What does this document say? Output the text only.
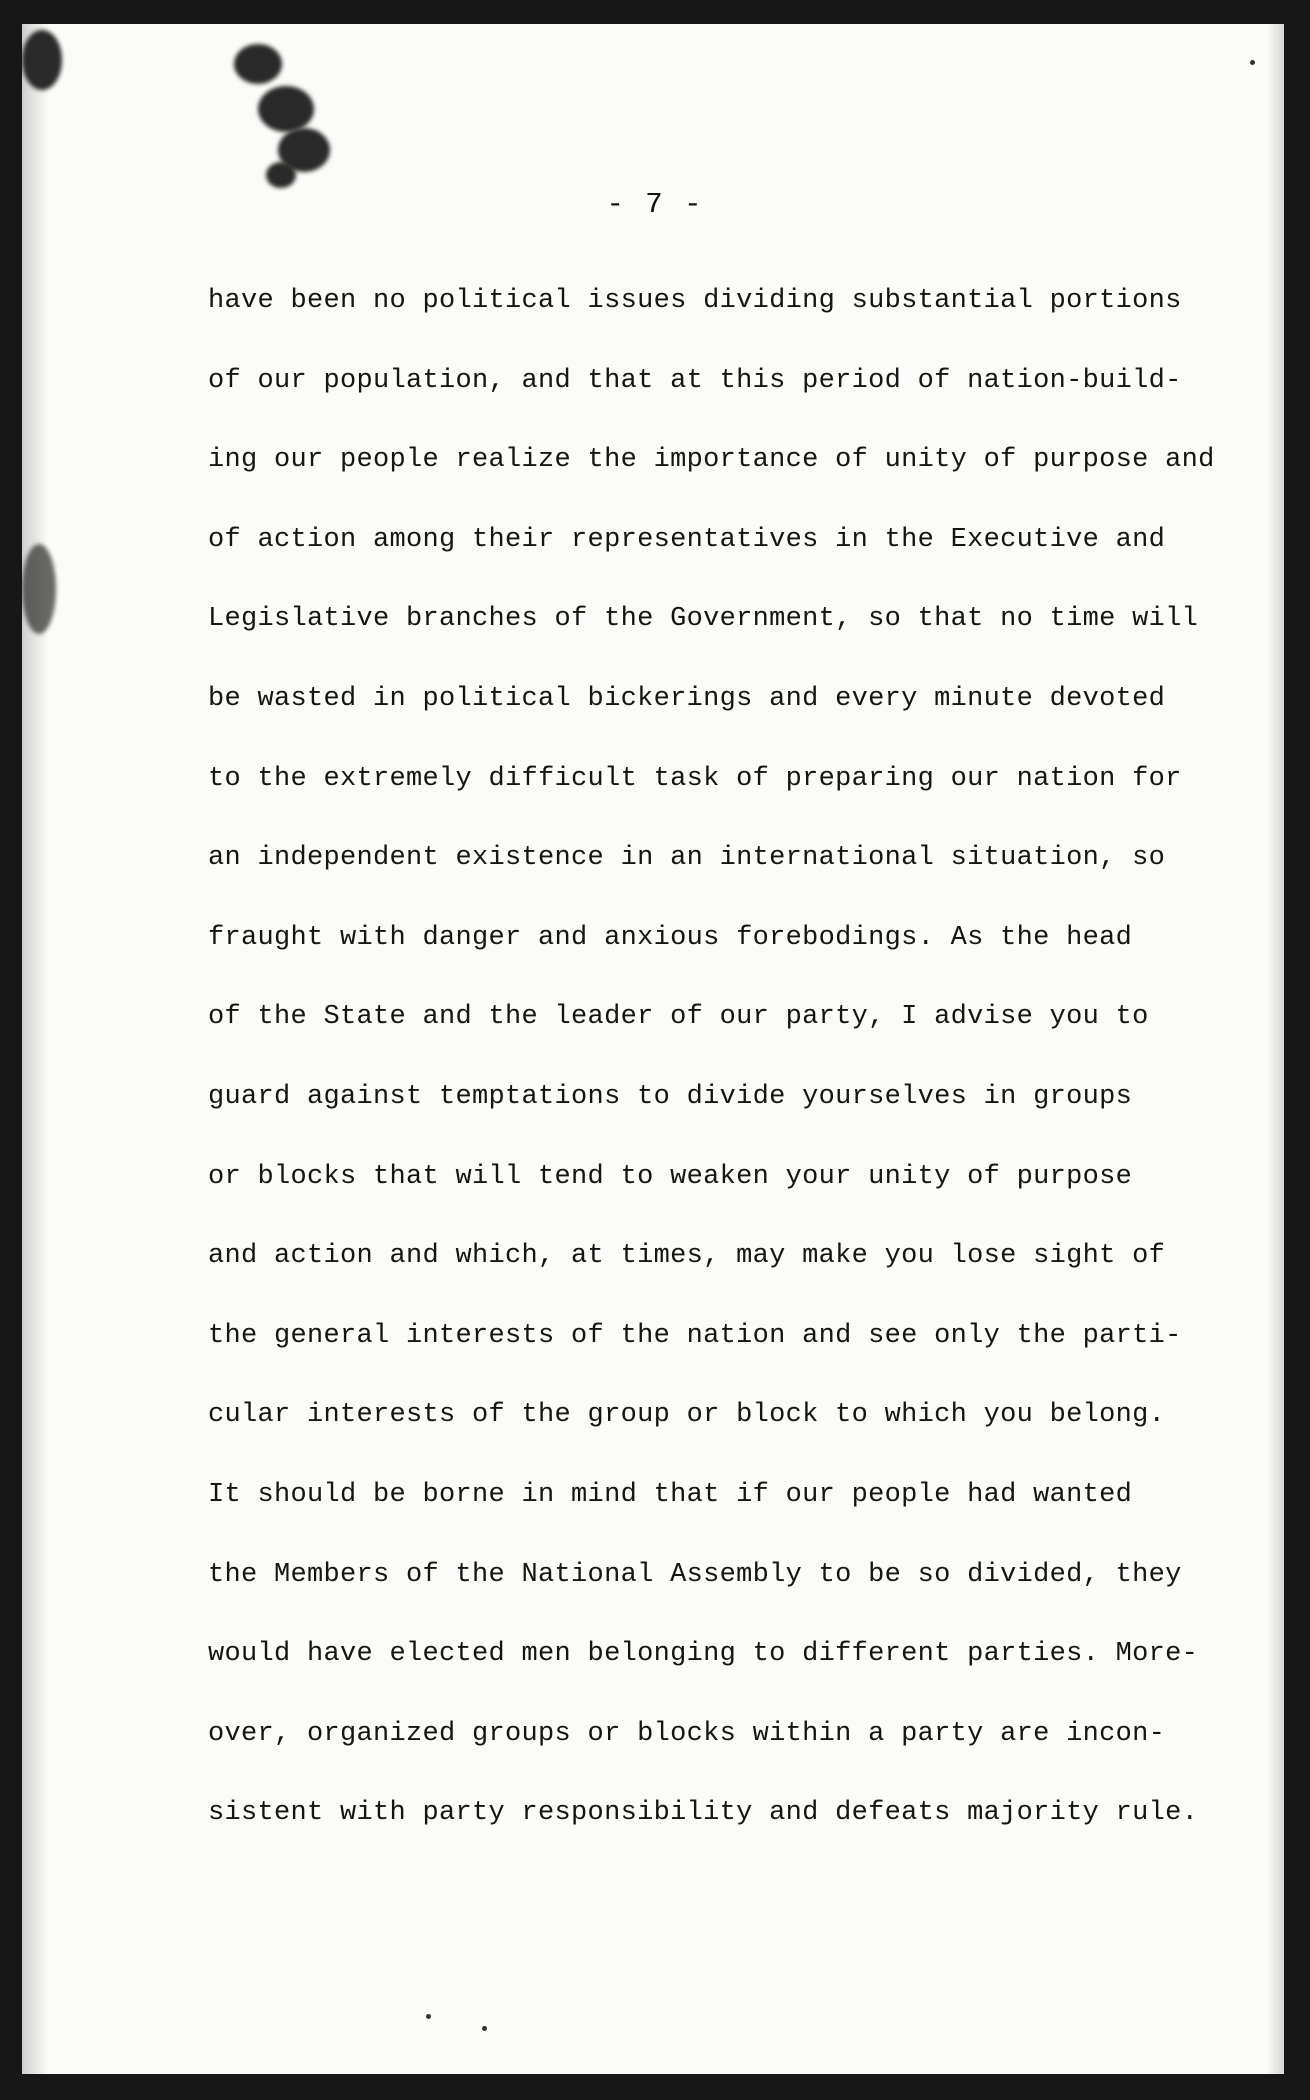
- 7 -
have been no political issues dividing substantial portions
of our population, and that at this period of nation-build-
ing our people realize the importance of unity of purpose and
of action among their representatives in the Executive and
Legislative branches of the Government, so that no time will
be wasted in political bickerings and every minute devoted
to the extremely difficult task of preparing our nation for
an independent existence in an international situation, so
fraught with danger and anxious forebodings. As the head
of the State and the leader of our party, I advise you to
guard against temptations to divide yourselves in groups
or blocks that will tend to weaken your unity of purpose
and action and which, at times, may make you lose sight of
the general interests of the nation and see only the parti-
cular interests of the group or block to which you belong.
It should be borne in mind that if our people had wanted
the Members of the National Assembly to be so divided, they
would have elected men belonging to different parties. More-
over, organized groups or blocks within a party are incon-
sistent with party responsibility and defeats majority rule.
